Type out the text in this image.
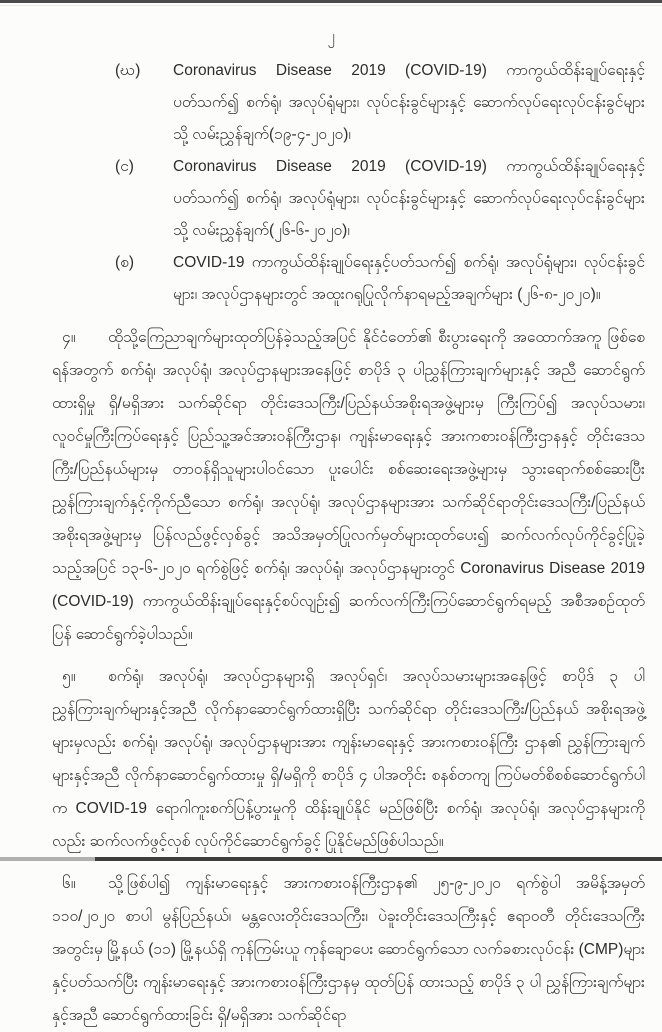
၂
(ဃ)	Coronavirus Disease 2019 (COVID-19) ကာကွယ်ထိန်းချုပ်ရေးနှင့်ပတ်သက်၍ စက်ရုံ၊ အလုပ်ရုံများ၊ လုပ်ငန်းခွင်များနှင့် ဆောက်လုပ်ရေးလုပ်ငန်းခွင်များသို့ လမ်းညွှန်ချက်(၁၉-၄-၂၀၂၀)၊
(င)	Coronavirus Disease 2019 (COVID-19) ကာကွယ်ထိန်းချုပ်ရေးနှင့်ပတ်သက်၍ စက်ရုံ၊ အလုပ်ရုံများ၊ လုပ်ငန်းခွင်များနှင့် ဆောက်လုပ်ရေးလုပ်ငန်းခွင်များသို့ လမ်းညွှန်ချက်(၂၆-၆-၂၀၂၀)၊
(စ)	COVID-19 ကာကွယ်ထိန်းချုပ်ရေးနှင့်ပတ်သက်၍ စက်ရုံ၊ အလုပ်ရုံများ၊ လုပ်ငန်းခွင် များ၊ အလုပ်ဌာနများတွင် အထူးဂရုပြုလိုက်နာရမည့်အချက်များ (၂၆-၈-၂၀၂၀)။

၄။ ထိုသို့ကြေညာချက်များထုတ်ပြန်ခဲ့သည့်အပြင် နိုင်ငံတော်၏ စီးပွားရေးကို အထောက်အကူ ဖြစ်စေရန်အတွက် စက်ရုံ၊ အလုပ်ရုံ၊ အလုပ်ဌာနများအနေဖြင့် စာပိုဒ် ၃ ပါညွှန်ကြားချက်များနှင့် အညီ ဆောင်ရွက်ထားရှိမှု ရှိ/မရှိအား သက်ဆိုင်ရာ တိုင်းဒေသကြီး/ပြည်နယ်အစိုးရအဖွဲ့များမှ ကြီးကြပ်၍ အလုပ်သမား၊ လူဝင်မှုကြီးကြပ်ရေးနှင့် ပြည်သူ့အင်အားဝန်ကြီးဌာန၊ ကျန်းမာရေးနှင့် အားကစားဝန်ကြီးဌာနနှင့် တိုင်းဒေသကြီး/ပြည်နယ်များမှ တာဝန်ရှိသူများပါဝင်သော ပူးပေါင်း စစ်ဆေးရေးအဖွဲ့များမှ သွားရောက်စစ်ဆေးပြီး ညွှန်ကြားချက်နှင့်ကိုက်ညီသော စက်ရုံ၊ အလုပ်ရုံ၊ အလုပ်ဌာနများအား သက်ဆိုင်ရာတိုင်းဒေသကြီး/ပြည်နယ်အစိုးရအဖွဲ့များမှ ပြန်လည်ဖွင့်လှစ်ခွင့် အသိအမှတ်ပြုလက်မှတ်များထုတ်ပေး၍ ဆက်လက်လုပ်ကိုင်ခွင့်ပြုခဲ့သည့်အပြင် ၁၃-၆-၂၀၂၀ ရက်စွဲဖြင့် စက်ရုံ၊ အလုပ်ရုံ၊ အလုပ်ဌာနများတွင် Coronavirus Disease 2019 (COVID-19) ကာကွယ်ထိန်းချုပ်ရေးနှင့်စပ်လျဉ်း၍ ဆက်လက်ကြီးကြပ်ဆောင်ရွက်ရမည့် အစီအစဉ်ထုတ်ပြန် ဆောင်ရွက်ခဲ့ပါသည်။

၅။ စက်ရုံ၊ အလုပ်ရုံ၊ အလုပ်ဌာနများရှိ အလုပ်ရှင်၊ အလုပ်သမားများအနေဖြင့် စာပိုဒ် ၃ ပါ ညွှန်ကြားချက်များနှင့်အညီ လိုက်နာဆောင်ရွက်ထားရှိပြီး သက်ဆိုင်ရာ တိုင်းဒေသကြီး/ပြည်နယ် အစိုးရအဖွဲ့များမှလည်း စက်ရုံ၊ အလုပ်ရုံ၊ အလုပ်ဌာနများအား ကျန်းမာရေးနှင့် အားကစားဝန်ကြီး ဌာန၏ ညွှန်ကြားချက်များနှင့်အညီ လိုက်နာဆောင်ရွက်ထားမှု ရှိ/မရှိကို စာပိုဒ် ၄ ပါအတိုင်း စနစ်တကျ ကြပ်မတ်စိစစ်ဆောင်ရွက်ပါက COVID-19 ရောဂါကူးစက်ပြန့်ပွားမှုကို ထိန်းချုပ်နိုင် မည်ဖြစ်ပြီး စက်ရုံ၊ အလုပ်ရုံ၊ အလုပ်ဌာနများကိုလည်း ဆက်လက်ဖွင့်လှစ် လုပ်ကိုင်ဆောင်ရွက်ခွင့် ပြုနိုင်မည်ဖြစ်ပါသည်။

၆။ သို့ဖြစ်ပါ၍ ကျန်းမာရေးနှင့် အားကစားဝန်ကြီးဌာန၏ ၂၅-၉-၂၀၂၀ ရက်စွဲပါ အမိန့်အမှတ် ၁၁၀/၂၀၂၀ စာပါ မွန်ပြည်နယ်၊ မန္တလေးတိုင်းဒေသကြီး၊ ပဲခူးတိုင်းဒေသကြီးနှင့် ဧရာဝတီ တိုင်းဒေသကြီးအတွင်းမှ မြို့နယ် (၁၁) မြို့နယ်ရှိ ကုန်ကြမ်းယူ ကုန်ချောပေး ဆောင်ရွက်သော လက်ခစားလုပ်ငန်း (CMP)များနှင့်ပတ်သက်ပြီး ကျန်းမာရေးနှင့် အားကစားဝန်ကြီးဌာနမှ ထုတ်ပြန် ထားသည့် စာပိုဒ် ၃ ပါ ညွှန်ကြားချက်များနှင့်အညီ ဆောင်ရွက်ထားခြင်း ရှိ/မရှိအား သက်ဆိုင်ရာ
